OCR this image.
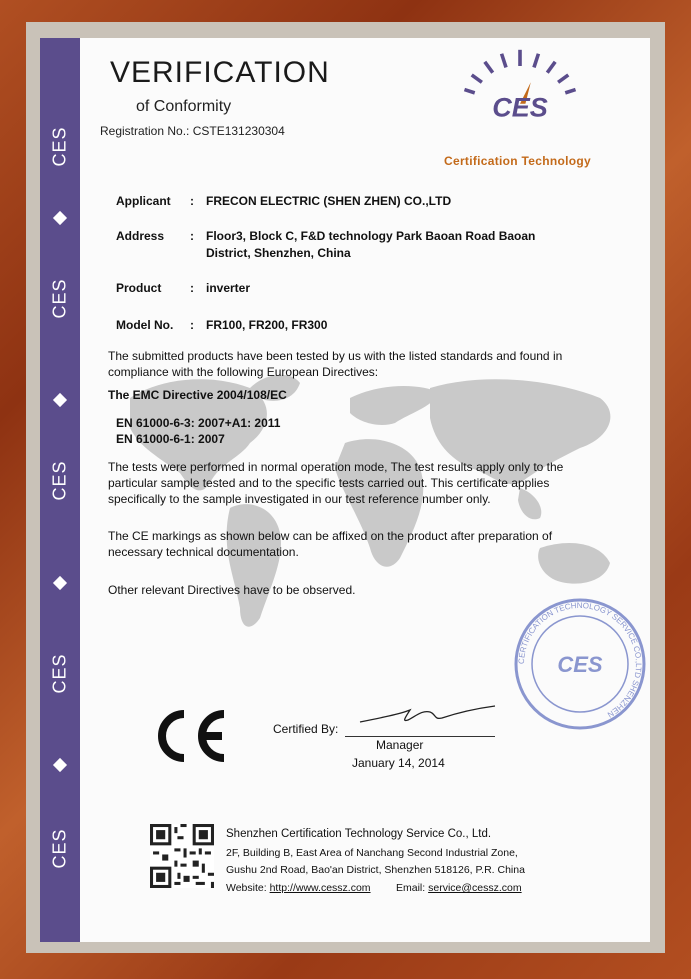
CES
CES
CES
CES
CES
VERIFICATION
of Conformity
Registration No.: CSTE131230304
CES
Certification Technology
Applicant : FRECON ELECTRIC (SHEN ZHEN) CO.,LTD
Address : Floor3, Block C, F&D technology Park Baoan Road Baoan
District, Shenzhen, China
Product : inverter
Model No. : FR100, FR200, FR300
The submitted products have been tested by us with the listed standards and found in
compliance with the following European Directives:
The EMC Directive 2004/108/EC
EN 61000-6-3: 2007+A1: 2011
EN 61000-6-1: 2007
The tests were performed in normal operation mode, The test results apply only to the
particular sample tested and to the specific tests carried out. This certificate applies
specifically to the sample investigated in our test reference number only.
The CE markings as shown below can be affixed on the product after preparation of
necessary technical documentation.
Other relevant Directives have to be observed.
CERTIFICATION TECHNOLOGY SERVICE CO.,LTD SHENZHEN
CES
Certified By:
Manager
January 14, 2014
Shenzhen Certification Technology Service Co., Ltd.
2F, Building B, East Area of Nanchang Second Industrial Zone,
Gushu 2nd Road, Bao'an District, Shenzhen 518126, P.R. China
Website: http://www.cessz.com Email: service@cessz.com
